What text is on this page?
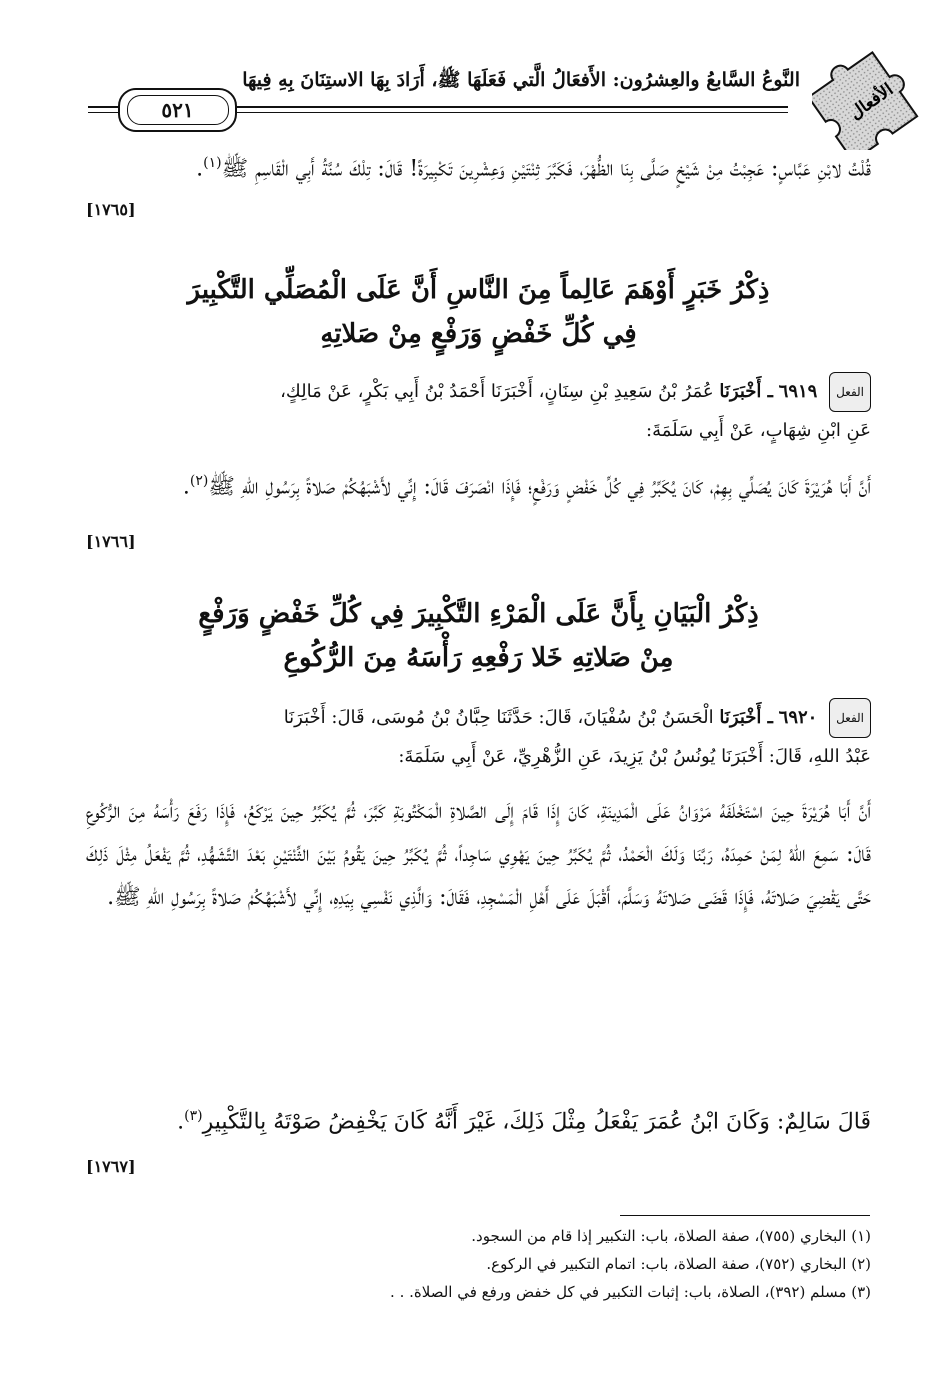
النَّوعُ السَّابعُ والعِشرُون: الأَفعَالُ الَّتي فَعَلَهَا ﷺ، أَرَادَ بِهَا الاستِنَانَ بِهِ فِيهَا
٥٢١	الأفعال
قُلْتُ لابْنِ عَبَّاسٍ: عَجِبْتُ مِنْ شَيْخٍ صَلَّى بِنَا الظُّهْرَ، فَكَبَّرَ ثِنْتَيْنِ وَعِشْرِينَ تَكْبِيرَةً! قَالَ: تِلْكَ سُنَّةُ أَبِي الْقَاسِمِ ﷺ$^{(١)}$.
[١٧٦٥]
ذِكْرُ خَبَرٍ أَوْهَمَ عَالِماً مِنَ النَّاسِ أَنَّ عَلَى الْمُصَلِّي التَّكْبِيرَ
فِي كُلِّ خَفْضٍ وَرَفْعٍ مِنْ صَلاتِهِ
الفعل ٦٩١٩ ـ أَخْبَرَنَا عُمَرُ بْنُ سَعِيدِ بْنِ سِنَانٍ، أَخْبَرَنَا أَحْمَدُ بْنُ أَبِي بَكْرٍ، عَنْ مَالِكٍ،
عَنِ ابْنِ شِهَابٍ، عَنْ أَبِي سَلَمَةَ:
أَنَّ أَبَا هُرَيْرَةَ كَانَ يُصَلِّي بِهِمْ، كَانَ يُكَبِّرُ فِي كُلِّ خَفْضٍ وَرَفْعٍ؛ فَإِذَا انْصَرَفَ قَالَ: إِنِّي لأَشْبَهُكُمْ صَلاةً بِرَسُولِ اللهِ ﷺ$^{(٢)}$.
[١٧٦٦]
ذِكْرُ الْبَيَانِ بِأَنَّ عَلَى الْمَرْءِ التَّكْبِيرَ فِي كُلِّ خَفْضٍ وَرَفْعٍ
مِنْ صَلاتِهِ خَلا رَفْعِهِ رَأْسَهُ مِنَ الرُّكُوعِ
الفعل ٦٩٢٠ ـ أَخْبَرَنَا الْحَسَنُ بْنُ سُفْيَانَ، قَالَ: حَدَّثَنَا حِبَّانُ بْنُ مُوسَى، قَالَ: أَخْبَرَنَا
عَبْدُ اللهِ، قَالَ: أَخْبَرَنَا يُونُسُ بْنُ يَزِيدَ، عَنِ الزُّهْرِيِّ، عَنْ أَبِي سَلَمَةَ:
أَنَّ أَبَا هُرَيْرَةَ حِينَ اسْتَخْلَفَهُ مَرْوَانُ عَلَى الْمَدِينَةِ، كَانَ إِذَا قَامَ إِلَى الصَّلاةِ الْمَكْتُوبَةِ كَبَّرَ، ثُمَّ يُكَبِّرُ حِينَ يَرْكَعُ، فَإِذَا رَفَعَ رَأْسَهُ مِنَ الرُّكُوعِ قَالَ: سَمِعَ اللهُ لِمَنْ حَمِدَهُ، رَبَّنَا وَلَكَ الْحَمْدُ، ثُمَّ يُكَبِّرُ حِينَ يَهْوِي سَاجِداً، ثُمَّ يُكَبِّرُ حِينَ يَقُومُ بَيْنَ الثِّنْتَيْنِ بَعْدَ التَّشَهُّدِ، ثُمَّ يَفْعَلُ مِثْلَ ذَلِكَ حَتَّى يَقْضِيَ صَلاتَهُ، فَإِذَا قَضَى صَلاتَهُ وَسَلَّمَ، أَقْبَلَ عَلَى أَهْلِ الْمَسْجِدِ، فَقَالَ: وَالَّذِي نَفْسِي بِيَدِهِ، إِنِّي لأَشْبَهُكُمْ صَلاةً بِرَسُولِ اللهِ ﷺ.
قَالَ سَالِمٌ: وَكَانَ ابْنُ عُمَرَ يَفْعَلُ مِثْلَ ذَلِكَ، غَيْرَ أَنَّهُ كَانَ يَخْفِضُ صَوْتَهُ بِالتَّكْبِيرِ$^{(٣)}$.
[١٧٦٧]
(١) البخاري (٧٥٥)، صفة الصلاة، باب: التكبير إذا قام من السجود.
(٢) البخاري (٧٥٢)، صفة الصلاة، باب: اتمام التكبير في الركوع.
(٣) مسلم (٣٩٢)، الصلاة، باب: إثبات التكبير في كل خفض ورفع في الصلاة. . .
